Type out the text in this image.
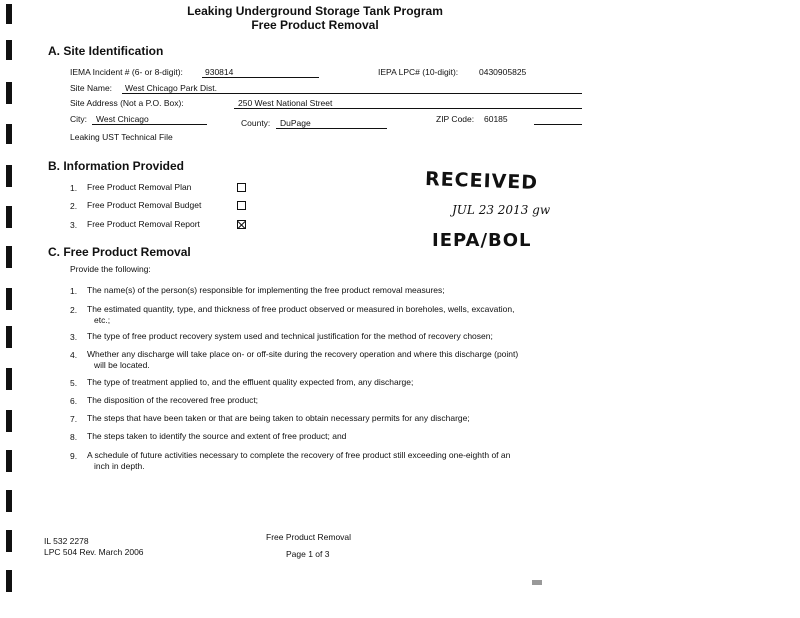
Leaking Underground Storage Tank Program
Free Product Removal
A. Site Identification
IEMA Incident # (6- or 8-digit):	930814	IEPA LPC# (10-digit): 0430905825
Site Name: West Chicago Park Dist.
Site Address (Not a P.O. Box):	250 West National Street
City: West Chicago	County: DuPage	ZIP Code: 60185
Leaking UST Technical File
B. Information Provided
1. Free Product Removal Plan
2. Free Product Removal Budget
3. Free Product Removal Report
RECEIVED
JUL 23 2013 gw
IEPA/BOL
C. Free Product Removal
Provide the following:
1. The name(s) of the person(s) responsible for implementing the free product removal measures;
2. The estimated quantity, type, and thickness of free product observed or measured in boreholes, wells, excavation,
etc.;
3. The type of free product recovery system used and technical justification for the method of recovery chosen;
4. Whether any discharge will take place on- or off-site during the recovery operation and where this discharge (point)
will be located.
5. The type of treatment applied to, and the effluent quality expected from, any discharge;
6. The disposition of the recovered free product;
7. The steps that have been taken or that are being taken to obtain necessary permits for any discharge;
8. The steps taken to identify the source and extent of free product; and
9. A schedule of future activities necessary to complete the recovery of free product still exceeding one-eighth of an
inch in depth.
IL 532 2278
LPC 504 Rev. March 2006
Free Product Removal
Page 1 of 3
